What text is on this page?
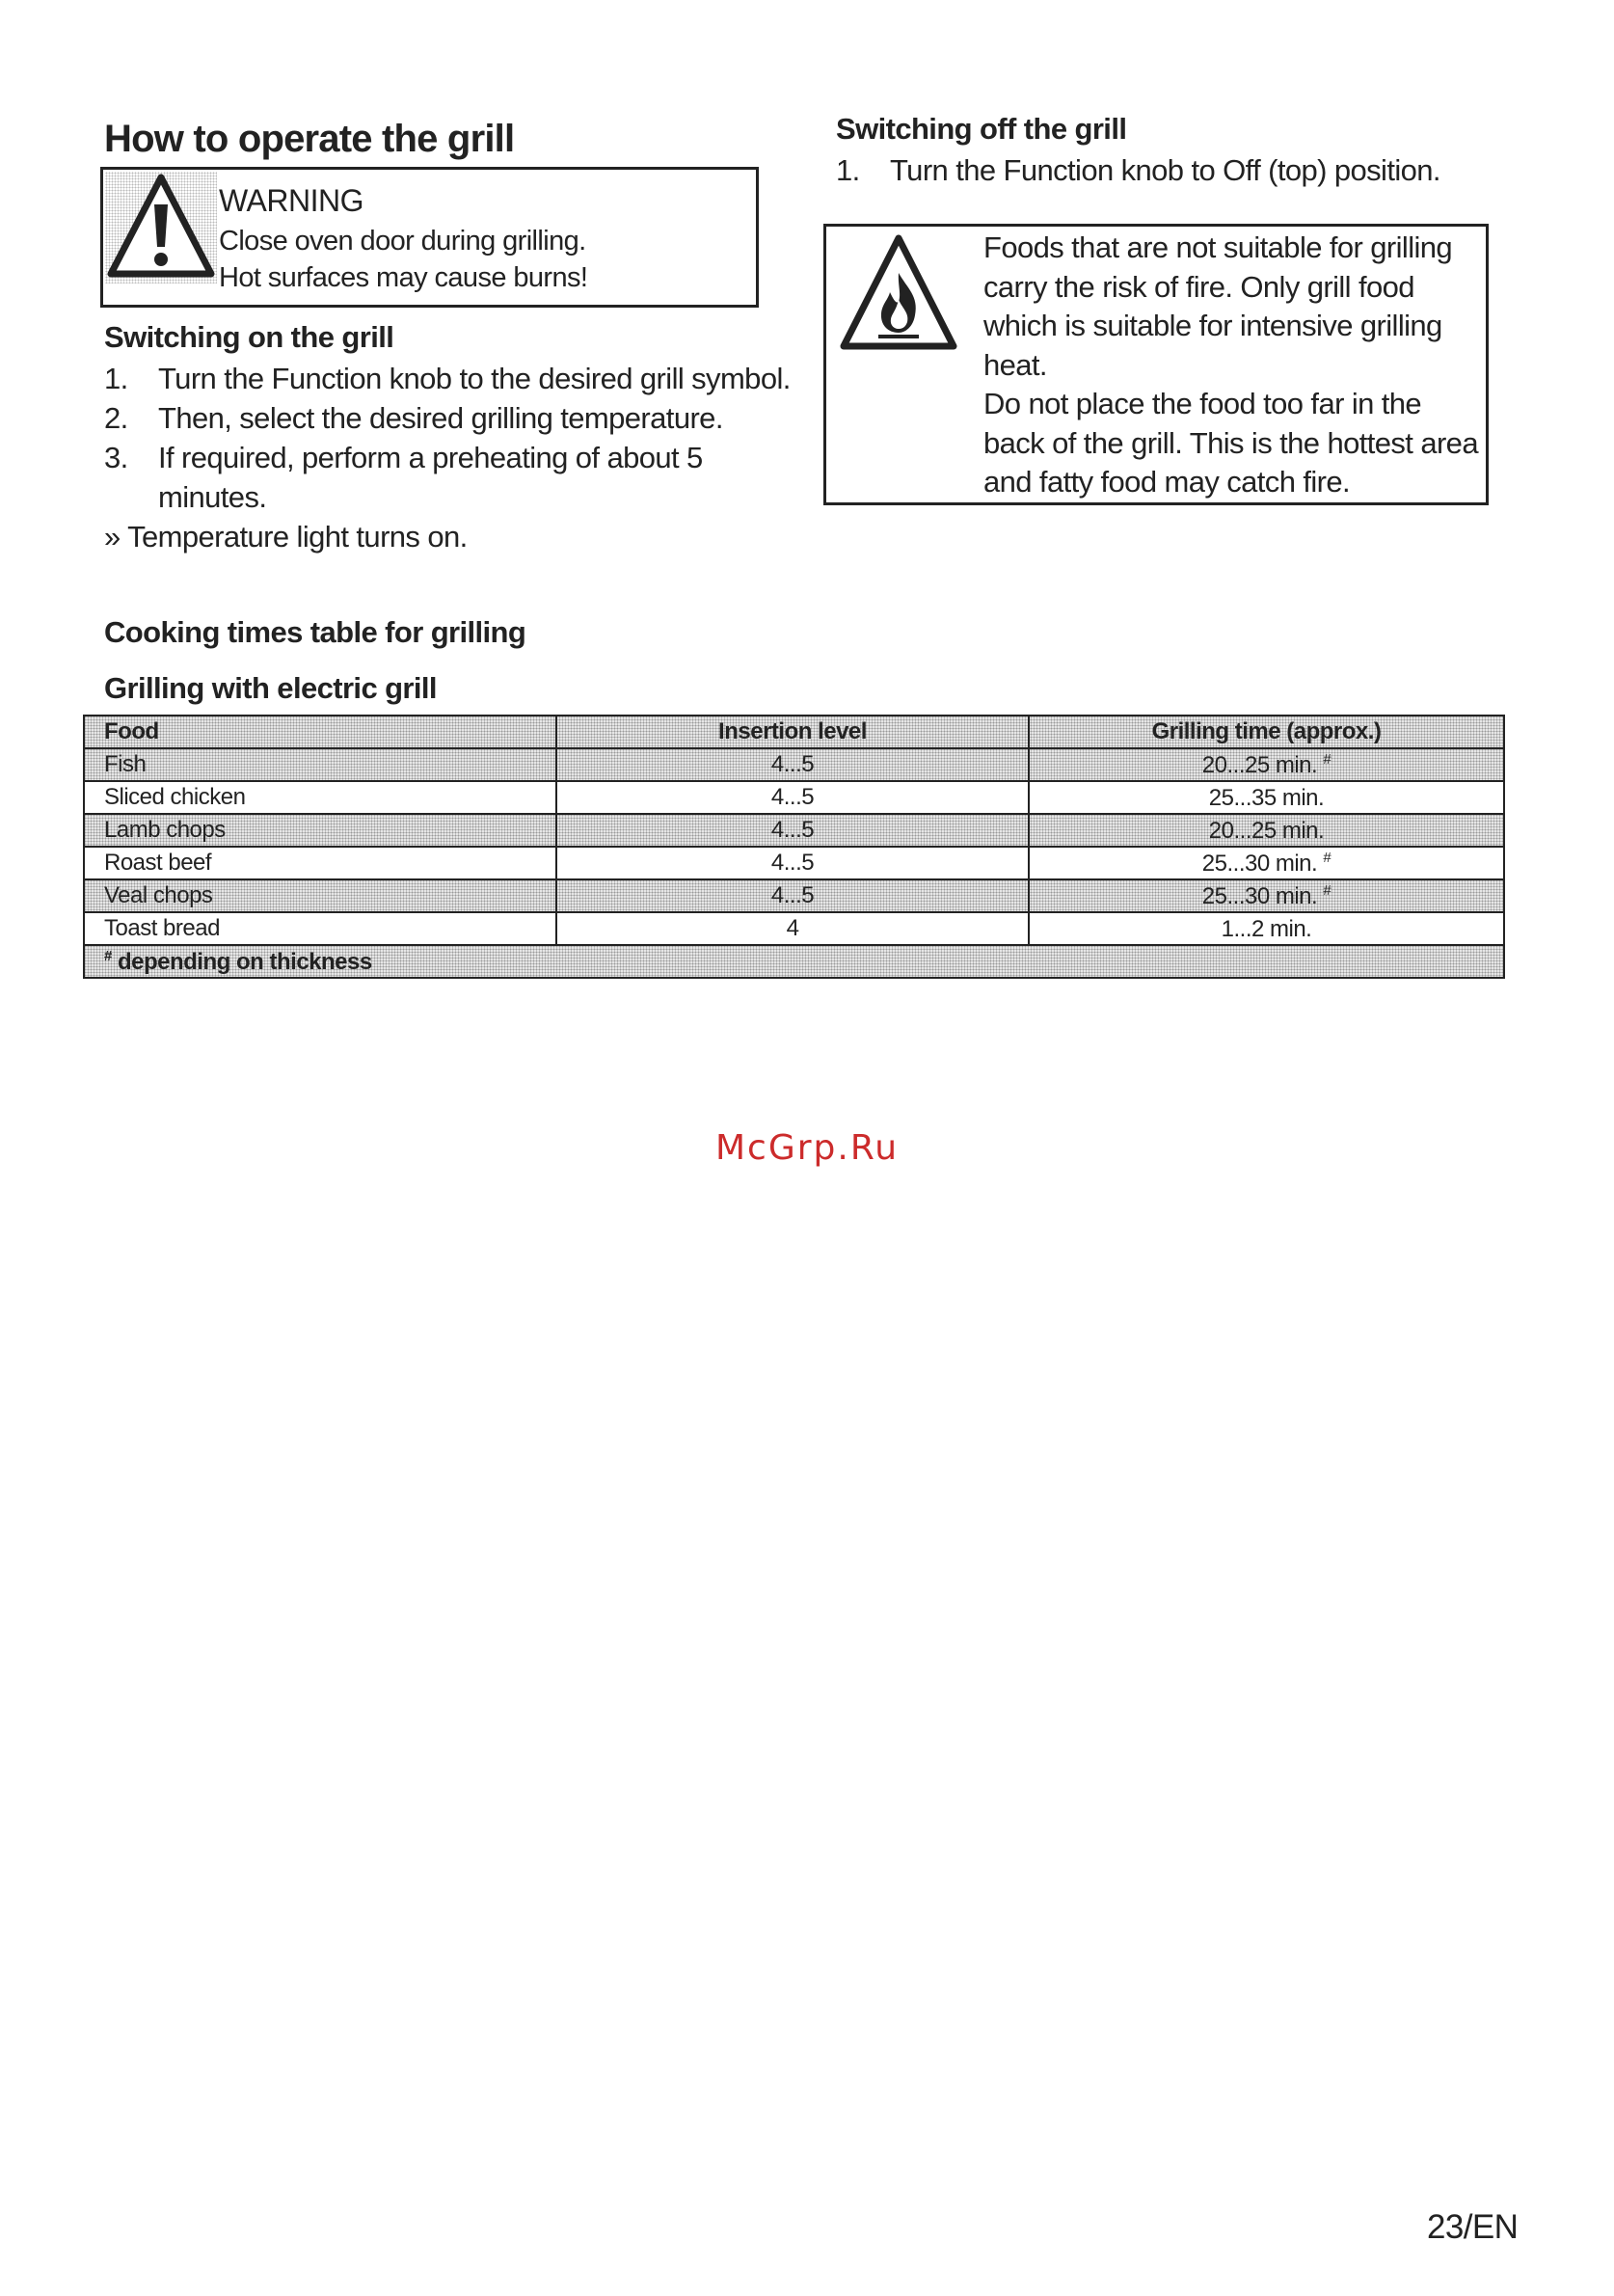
How to operate the grill
WARNING
Close oven door during grilling.
Hot surfaces may cause burns!
Switching on the grill
1. Turn the Function knob to the desired grill symbol.
2. Then, select the desired grilling temperature.
3. If required, perform a preheating of about 5
minutes.
» Temperature light turns on.
Switching off the grill
1. Turn the Function knob to Off (top) position.
Foods that are not suitable for grilling
carry the risk of fire. Only grill food
which is suitable for intensive grilling
heat.
Do not place the food too far in the
back of the grill. This is the hottest area
and fatty food may catch fire.
Cooking times table for grilling
Grilling with electric grill
Food	Insertion level	Grilling time (approx.)
Fish	4...5	20...25 min. #
Sliced chicken	4...5	25...35 min.
Lamb chops	4...5	20...25 min.
Roast beef	4...5	25...30 min. #
Veal chops	4...5	25...30 min. #
Toast bread	4	1...2 min.
# depending on thickness		
McGrp.Ru
23/EN
